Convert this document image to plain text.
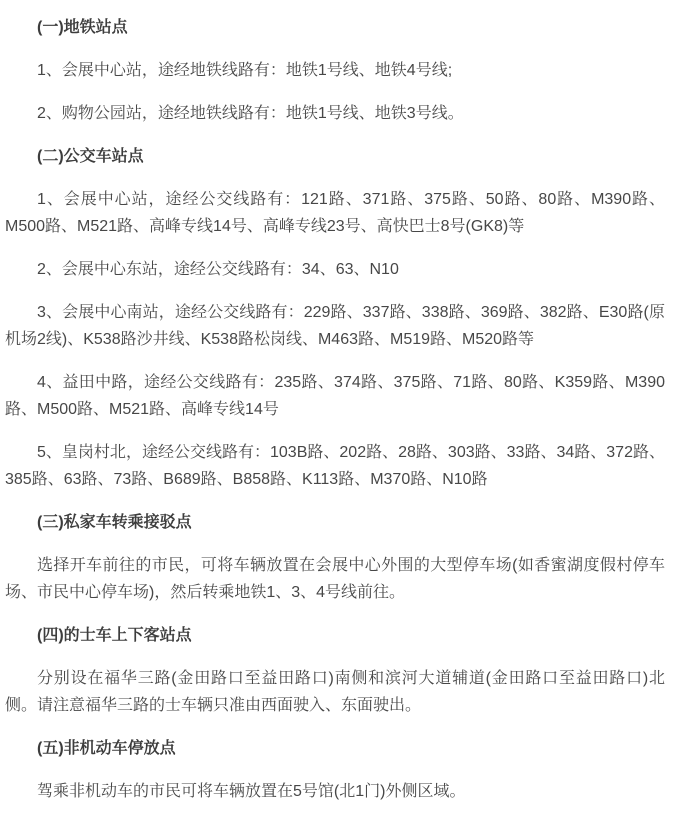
(一)地铁站点

1、会展中心站，途经地铁线路有：地铁1号线、地铁4号线;

2、购物公园站，途经地铁线路有：地铁1号线、地铁3号线。

(二)公交车站点

1、会展中心站，途经公交线路有：121路、371路、375路、50路、80路、M390路、M500路、M521路、高峰专线14号、高峰专线23号、高快巴士8号(GK8)等

2、会展中心东站，途经公交线路有：34、63、N10

3、会展中心南站，途经公交线路有：229路、337路、338路、369路、382路、E30路(原机场2线)、K538路沙井线、K538路松岗线、M463路、M519路、M520路等

4、益田中路，途经公交线路有：235路、374路、375路、71路、80路、K359路、M390路、M500路、M521路、高峰专线14号

5、皇岗村北，途经公交线路有：103B路、202路、28路、303路、33路、34路、372路、385路、63路、73路、B689路、B858路、K113路、M370路、N10路

(三)私家车转乘接驳点

选择开车前往的市民，可将车辆放置在会展中心外围的大型停车场(如香蜜湖度假村停车场、市民中心停车场)，然后转乘地铁1、3、4号线前往。

(四)的士车上下客站点

分别设在福华三路(金田路口至益田路口)南侧和滨河大道辅道(金田路口至益田路口)北侧。请注意福华三路的士车辆只准由西面驶入、东面驶出。

(五)非机动车停放点

驾乘非机动车的市民可将车辆放置在5号馆(北1门)外侧区域。
